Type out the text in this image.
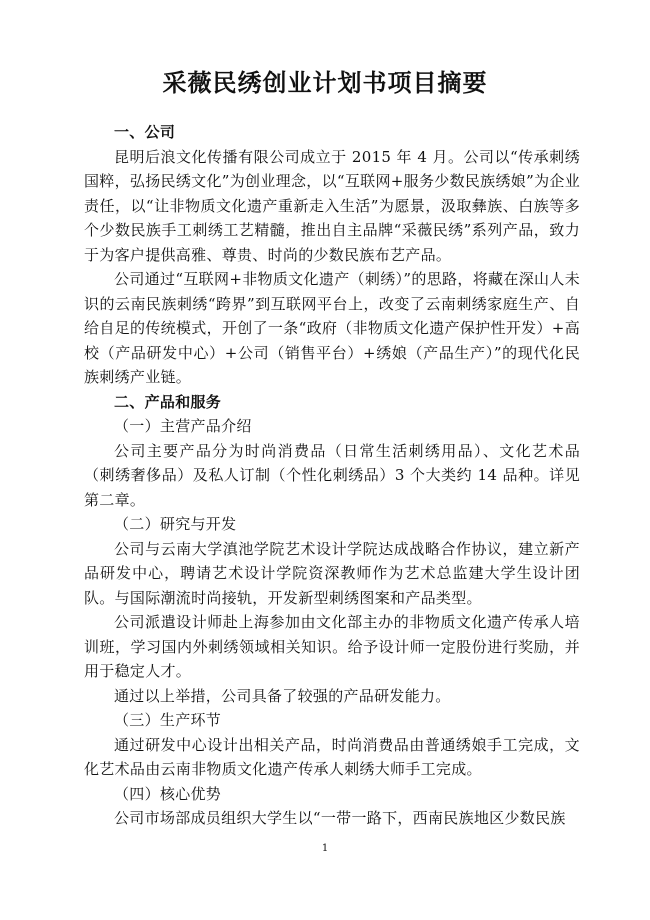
采薇民绣创业计划书项目摘要

一、公司

昆明后浪文化传播有限公司成立于 2015 年 4 月。公司以“传承刺绣国粹，弘扬民绣文化”为创业理念，以“互联网+服务少数民族绣娘”为企业责任，以“让非物质文化遗产重新走入生活”为愿景，汲取彝族、白族等多个少数民族手工刺绣工艺精髓，推出自主品牌“采薇民绣”系列产品，致力于为客户提供高雅、尊贵、时尚的少数民族布艺产品。

公司通过“互联网+非物质文化遗产（刺绣）”的思路，将藏在深山人未识的云南民族刺绣“跨界”到互联网平台上，改变了云南刺绣家庭生产、自给自足的传统模式，开创了一条“政府（非物质文化遗产保护性开发）+高校（产品研发中心）+公司（销售平台）+绣娘（产品生产）”的现代化民族刺绣产业链。

二、产品和服务

（一）主营产品介绍

公司主要产品分为时尚消费品（日常生活刺绣用品）、文化艺术品（刺绣奢侈品）及私人订制（个性化刺绣品）3 个大类约 14 品种。详见第二章。

（二）研究与开发

公司与云南大学滇池学院艺术设计学院达成战略合作协议，建立新产品研发中心，聘请艺术设计学院资深教师作为艺术总监建大学生设计团队。与国际潮流时尚接轨，开发新型刺绣图案和产品类型。

公司派遣设计师赴上海参加由文化部主办的非物质文化遗产传承人培训班，学习国内外刺绣领域相关知识。给予设计师一定股份进行奖励，并用于稳定人才。

通过以上举措，公司具备了较强的产品研发能力。

（三）生产环节

通过研发中心设计出相关产品，时尚消费品由普通绣娘手工完成，文化艺术品由云南非物质文化遗产传承人刺绣大师手工完成。

（四）核心优势

公司市场部成员组织大学生以“一带一路下，西南民族地区少数民族

1
